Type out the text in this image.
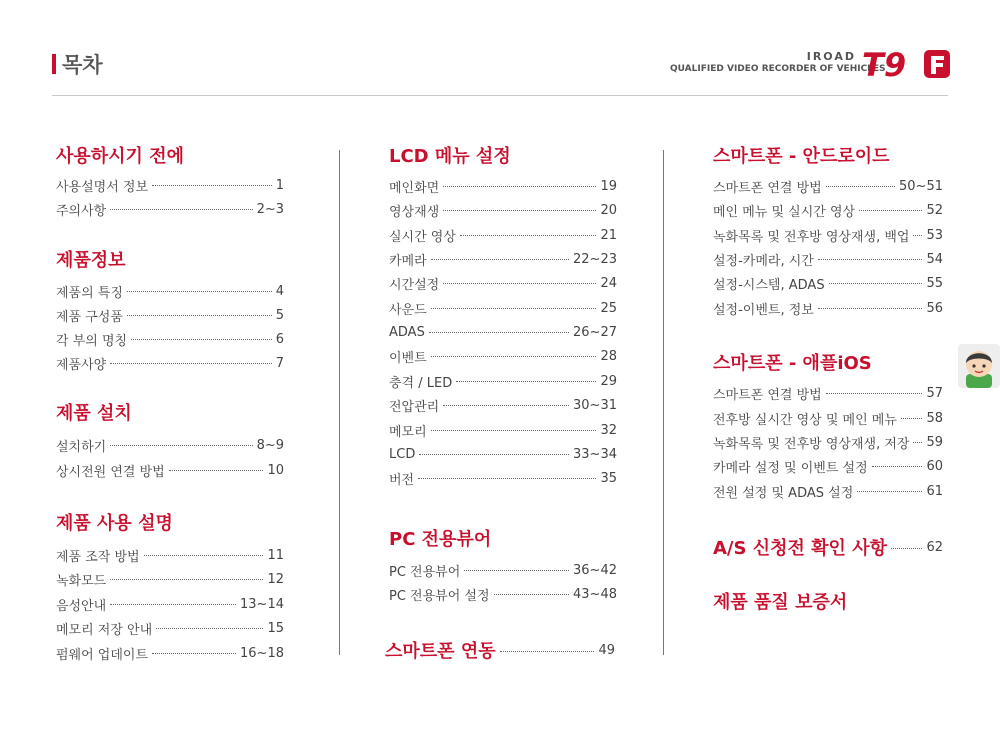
목차	IROAD
QUALIFIED VIDEO RECORDER OF VEHICLES
T9
사용하시기 전에
사용설명서 정보	1
주의사항	2~3
제품정보
제품의 특징	4
제품 구성품	5
각 부의 명칭	6
제품사양	7
제품 설치
설치하기	8~9
상시전원 연결 방법	10
제품 사용 설명
제품 조작 방법	11
녹화모드	12
음성안내	13~14
메모리 저장 안내	15
펌웨어 업데이트	16~18
LCD 메뉴 설정
메인화면	19
영상재생	20
실시간 영상	21
카메라	22~23
시간설정	24
사운드	25
ADAS	26~27
이벤트	28
충격 / LED	29
전압관리	30~31
메모리	32
LCD	33~34
버전	35
PC 전용뷰어
PC 전용뷰어	36~42
PC 전용뷰어 설정	43~48
스마트폰 연동	49
스마트폰 - 안드로이드
스마트폰 연결 방법	50~51
메인 메뉴 및 실시간 영상	52
녹화목록 및 전후방 영상재생, 백업 53
설정-카메라, 시간	54
설정-시스템, ADAS	55
설정-이벤트, 정보	56
스마트폰 - 애플iOS
스마트폰 연결 방법	57
전후방 실시간 영상 및 메인 메뉴 58
녹화목록 및 전후방 영상재생, 저장 59
카메라 설정 및 이벤트 설정	60
전원 설정 및 ADAS 설정	61
A/S 신청전 확인 사항	62
제품 품질 보증서
